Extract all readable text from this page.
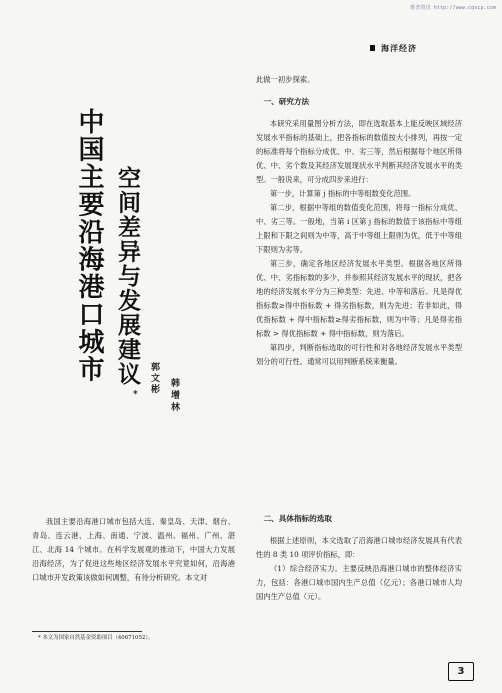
维普资讯 http://www.cqvip.com
海洋经济
中国主要沿海港口城市 空间差异与发展建议
* 郭文彬 韩增林

此做一初步探索。

一、研究方法

本研究采用量图分析方法，即在选取基本上能反映区域经济发展水平指标的基础上，把各指标的数值按大小排列，再按一定的标准将每个指标分成优、中、劣三等，然后根据每个地区所得优、中、劣个数及其经济发展现状水平判断其经济发展水平的类型。一般说来，可分成四步来进行：

第一步，计算第 j 指标的中等组数变化范围。

第二步，根据中等组的数值变化范围，将每一指标分成优、中、劣三等。一般地，当第 i 区第 j 指标的数值于该指标中等组上限和下限之间则为中等，高于中等组上限则为优，低于中等组下限则为劣等。

第三步，确定各地区经济发展水平类型。根据各地区所得优、中、劣指标数的多少，并参照其经济发展水平的现状，把各地的经济发展水平分为三种类型：先进、中等和落后。凡是得优指标数≥得中指标数 + 得劣指标数，则为先进；若非如此，得优指标数 + 得中指标数≥得劣指标数，则为中等；凡是得劣指标数 > 得优指标数 + 得中指标数，则为落后。

第四步，判断指标选取的可行性和对各地经济发展水平类型划分的可行性。通常可以用判断系统来衡量。

二、具体指标的选取

根据上述原则，本文选取了沿海港口城市经济发展具有代表性的 8 类 10 项评价指标，即：

（1）综合经济实力。主要反映沿海港口城市的整体经济实力，包括：各港口城市国内生产总值（亿元）；各港口城市人均国内生产总值（元）。

我国主要沿海港口城市包括大连、秦皇岛、天津、烟台、青岛、连云港、上海、南通、宁波、温州、福州、广州、湛江、北海 14 个城市。在科学发展观的推动下，中国大力发展沿海经济，为了促进这些地区经济发展水平究竟如何，沿海港口城市开发政策该做如何调整，有待分析研究。本文对

* 本文为国家自然基金资助项目（40671052）。
3
